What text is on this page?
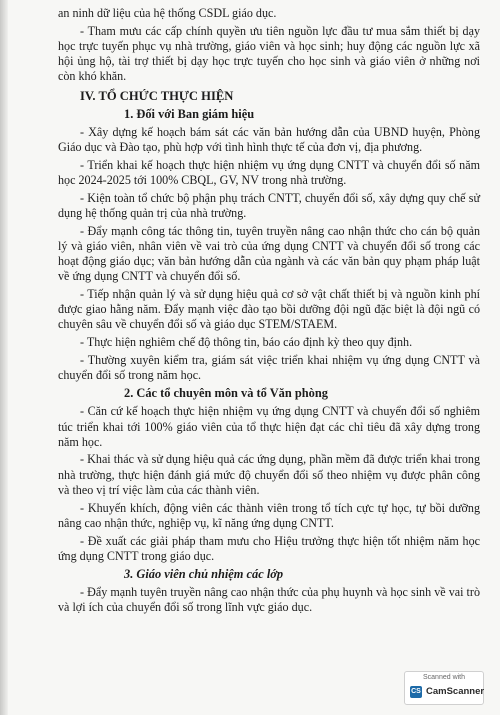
an ninh dữ liệu của hệ thống CSDL giáo dục.

- Tham mưu các cấp chính quyền ưu tiên nguồn lực đầu tư mua sắm thiết bị dạy học trực tuyến phục vụ nhà trường, giáo viên và học sinh; huy động các nguồn lực xã hội ủng hộ, tài trợ thiết bị dạy học trực tuyến cho học sinh và giáo viên ở những nơi còn khó khăn.

IV. TỔ CHỨC THỰC HIỆN
1. Đối với Ban giám hiệu

- Xây dựng kế hoạch bám sát các văn bản hướng dẫn của UBND huyện, Phòng Giáo dục và Đào tạo, phù hợp với tình hình thực tế của đơn vị, địa phương.

- Triển khai kế hoạch thực hiện nhiệm vụ ứng dụng CNTT và chuyển đổi số năm học 2024-2025 tới 100% CBQL, GV, NV trong nhà trường.

- Kiện toàn tổ chức bộ phận phụ trách CNTT, chuyển đổi số, xây dựng quy chế sử dụng hệ thống quản trị của nhà trường.

- Đẩy mạnh công tác thông tin, tuyên truyền nâng cao nhận thức cho cán bộ quản lý và giáo viên, nhân viên về vai trò của ứng dụng CNTT và chuyển đổi số trong các hoạt động giáo dục; văn bản hướng dẫn của ngành và các văn bản quy phạm pháp luật về ứng dụng CNTT và chuyển đổi số.

- Tiếp nhận quản lý và sử dụng hiệu quả cơ sở vật chất thiết bị và nguồn kinh phí được giao hằng năm. Đẩy mạnh việc đào tạo bồi dưỡng đội ngũ đặc biệt là đội ngũ có chuyên sâu về chuyển đổi số và giáo dục STEM/STAEM.

- Thực hiện nghiêm chế độ thông tin, báo cáo định kỳ theo quy định.

- Thường xuyên kiểm tra, giám sát việc triển khai nhiệm vụ ứng dụng CNTT và chuyển đổi số trong năm học.

2. Các tổ chuyên môn và tổ Văn phòng

- Căn cứ kế hoạch thực hiện nhiệm vụ ứng dụng CNTT và chuyển đổi số nghiêm túc triển khai tới 100% giáo viên của tổ thực hiện đạt các chỉ tiêu đã xây dựng trong năm học.

- Khai thác và sử dụng hiệu quả các ứng dụng, phần mềm đã được triển khai trong nhà trường, thực hiện đánh giá mức độ chuyển đổi số theo nhiệm vụ được phân công và theo vị trí việc làm của các thành viên.

- Khuyến khích, động viên các thành viên trong tổ tích cực tự học, tự bồi dưỡng nâng cao nhận thức, nghiệp vụ, kĩ năng ứng dụng CNTT.

- Đề xuất các giải pháp tham mưu cho Hiệu trưởng thực hiện tốt nhiệm năm học ứng dụng CNTT trong giáo dục.

3. Giáo viên chủ nhiệm các lớp

- Đẩy mạnh tuyên truyền nâng cao nhận thức của phụ huynh và học sinh về vai trò và lợi ích của chuyển đổi số trong lĩnh vực giáo dục.

Scanned with
CS CamScanner
